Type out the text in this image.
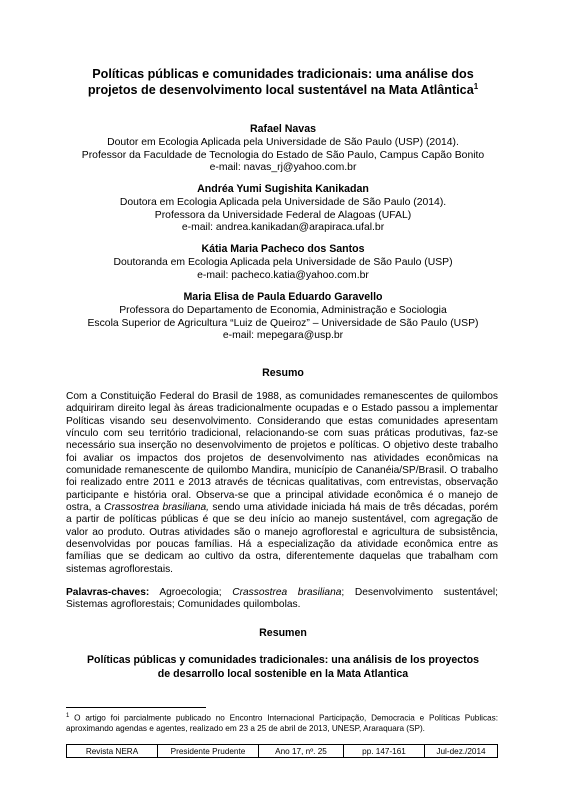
Políticas públicas e comunidades tradicionais: uma análise dos
projetos de desenvolvimento local sustentável na Mata Atlântica$^1$
Rafael Navas
Doutor em Ecologia Aplicada pela Universidade de São Paulo (USP) (2014).
Professor da Faculdade de Tecnologia do Estado de São Paulo, Campus Capão Bonito
e-mail: navas_rj@yahoo.com.br
Andréa Yumi Sugishita Kanikadan
Doutora em Ecologia Aplicada pela Universidade de São Paulo (2014).
Professora da Universidade Federal de Alagoas (UFAL)
e-mail: andrea.kanikadan@arapiraca.ufal.br
Kátia Maria Pacheco dos Santos
Doutoranda em Ecologia Aplicada pela Universidade de São Paulo (USP)
e-mail: pacheco.katia@yahoo.com.br
Maria Elisa de Paula Eduardo Garavello
Professora do Departamento de Economia, Administração e Sociologia
Escola Superior de Agricultura “Luiz de Queiroz” – Universidade de São Paulo (USP)
e-mail: mepegara@usp.br
Resumo
Com a Constituição Federal do Brasil de 1988, as comunidades remanescentes de quilombos adquiriram direito legal às áreas tradicionalmente ocupadas e o Estado passou a implementar Políticas visando seu desenvolvimento. Considerando que estas comunidades apresentam vínculo com seu território tradicional, relacionando-se com suas práticas produtivas, faz-se necessário sua inserção no desenvolvimento de projetos e políticas. O objetivo deste trabalho foi avaliar os impactos dos projetos de desenvolvimento nas atividades econômicas na comunidade remanescente de quilombo Mandira, município de Cananéia/SP/Brasil. O trabalho foi realizado entre 2011 e 2013 através de técnicas qualitativas, com entrevistas, observação participante e história oral. Observa-se que a principal atividade econômica é o manejo de ostra, a Crassostrea brasiliana, sendo uma atividade iniciada há mais de três décadas, porém a partir de políticas públicas é que se deu início ao manejo sustentável, com agregação de valor ao produto. Outras atividades são o manejo agroflorestal e agricultura de subsistência, desenvolvidas por poucas famílias. Há a especialização da atividade econômica entre as famílias que se dedicam ao cultivo da ostra, diferentemente daquelas que trabalham com sistemas agroflorestais.
Palavras-chaves: Agroecologia; Crassostrea brasiliana; Desenvolvimento sustentável; Sistemas agroflorestais; Comunidades quilombolas.
Resumen
Políticas públicas y comunidades tradicionales: una análisis de los proyectos
de desarrollo local sostenible en la Mata Atlantica
$^1$ O artigo foi parcialmente publicado no Encontro Internacional Participação, Democracia e Políticas Publicas: aproximando agendas e agentes, realizado em 23 a 25 de abril de 2013, UNESP, Araraquara (SP).
Revista NERA	Presidente Prudente	Ano 17, nº. 25	pp. 147-161	Jul-dez./2014
